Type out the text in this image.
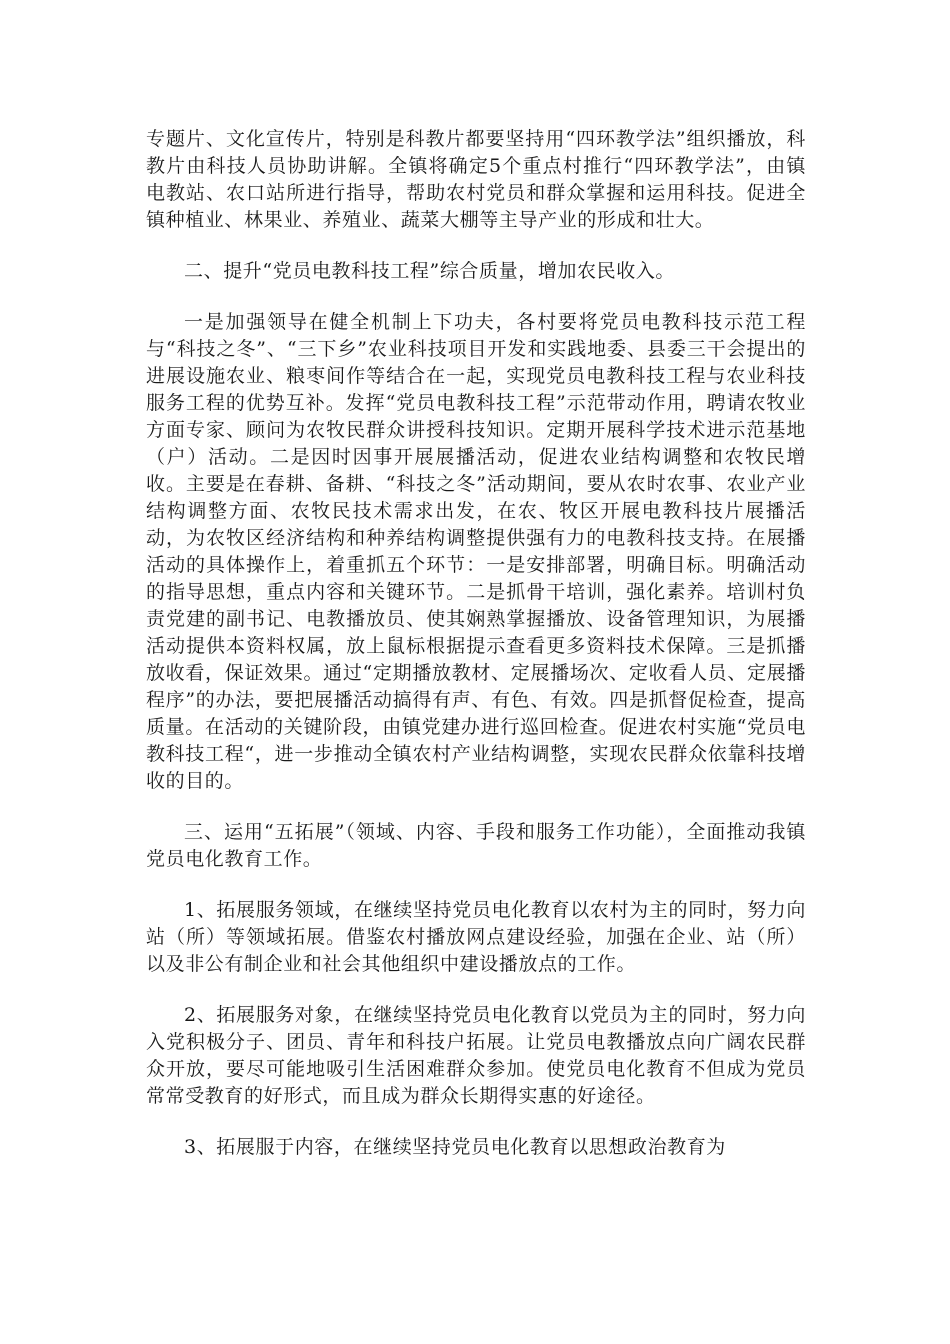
专题片、文化宣传片，特别是科教片都要坚持用“四环教学法”组织播放，科教片由科技人员协助讲解。全镇将确定5个重点村推行“四环教学法”，由镇电教站、农口站所进行指导，帮助农村党员和群众掌握和运用科技。促进全镇种植业、林果业、养殖业、蔬菜大棚等主导产业的形成和壮大。

二、提升“党员电教科技工程”综合质量，增加农民收入。

一是加强领导在健全机制上下功夫，各村要将党员电教科技示范工程与“科技之冬”、“三下乡”农业科技项目开发和实践地委、县委三干会提出的进展设施农业、粮枣间作等结合在一起，实现党员电教科技工程与农业科技服务工程的优势互补。发挥“党员电教科技工程”示范带动作用，聘请农牧业方面专家、顾问为农牧民群众讲授科技知识。定期开展科学技术进示范基地（户）活动。二是因时因事开展展播活动，促进农业结构调整和农牧民增收。主要是在春耕、备耕、“科技之冬”活动期间，要从农时农事、农业产业结构调整方面、农牧民技术需求出发，在农、牧区开展电教科技片展播活动，为农牧区经济结构和种养结构调整提供强有力的电教科技支持。在展播活动的具体操作上，着重抓五个环节：一是安排部署，明确目标。明确活动的指导思想，重点内容和关键环节。二是抓骨干培训，强化素养。培训村负责党建的副书记、电教播放员、使其娴熟掌握播放、设备管理知识，为展播活动提供本资料权属，放上鼠标根据提示查看更多资料技术保障。三是抓播放收看，保证效果。通过“定期播放教材、定展播场次、定收看人员、定展播程序”的办法，要把展播活动搞得有声、有色、有效。四是抓督促检查，提高质量。在活动的关键阶段，由镇党建办进行巡回检查。促进农村实施“党员电教科技工程“，进一步推动全镇农村产业结构调整，实现农民群众依靠科技增收的目的。

三、运用“五拓展”（领域、内容、手段和服务工作功能），全面推动我镇党员电化教育工作。

1、拓展服务领域，在继续坚持党员电化教育以农村为主的同时，努力向站（所）等领域拓展。借鉴农村播放网点建设经验，加强在企业、站（所）以及非公有制企业和社会其他组织中建设播放点的工作。

2、拓展服务对象，在继续坚持党员电化教育以党员为主的同时，努力向入党积极分子、团员、青年和科技户拓展。让党员电教播放点向广阔农民群众开放，要尽可能地吸引生活困难群众参加。使党员电化教育不但成为党员常常受教育的好形式，而且成为群众长期得实惠的好途径。

3、拓展服于内容，在继续坚持党员电化教育以思想政治教育为
